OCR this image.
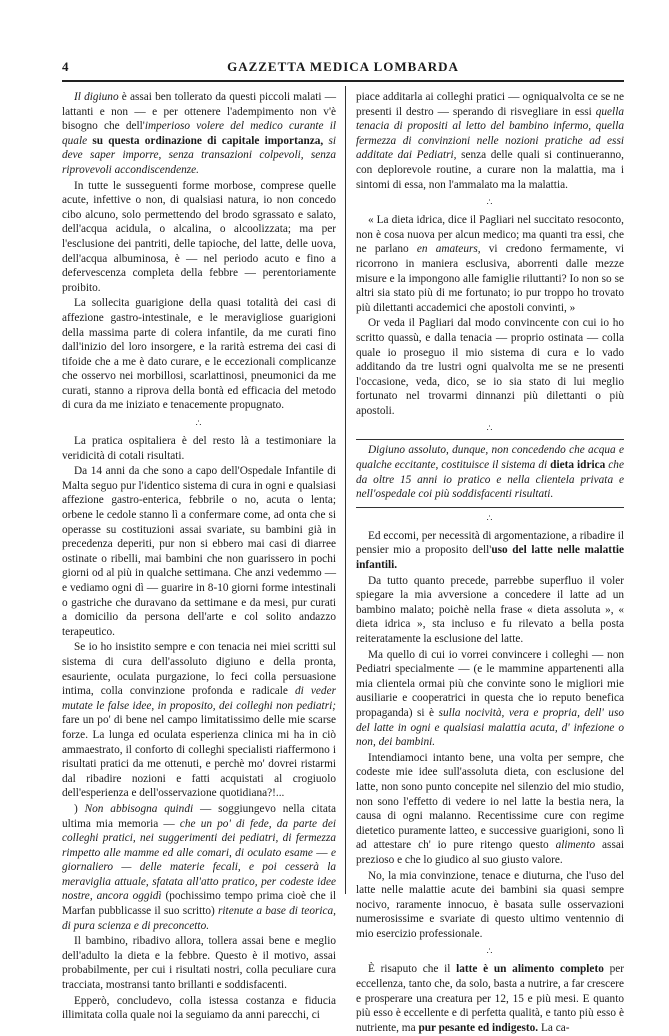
4	GAZZETTA MEDICA LOMBARDA

Il digiuno è assai ben tollerato da questi piccoli malati — lattanti e non — e per ottenere l'adempimento non v'è bisogno che dell'imperioso volere del medico curante il quale su questa ordinazione di capitale importanza, si deve saper imporre, senza transazioni colpevoli, senza riprovevoli accondiscendenze.

In tutte le susseguenti forme morbose, comprese quelle acute, infettive o non, di qualsiasi natura, io non concedo cibo alcuno, solo permettendo del brodo sgrassato e salato, dell'acqua acidula, o alcalina, o alcoolizzata; ma per l'esclusione dei pantriti, delle tapioche, del latte, delle uova, dell'acqua albuminosa, è — nel periodo acuto e fino a defervescenza completa della febbre — perentoriamente proibito.

La sollecita guarigione della quasi totalità dei casi di affezione gastro-intestinale, e le meravigliose guarigioni della massima parte di colera infantile, da me curati fino dall'inizio del loro insorgere, e la rarità estrema dei casi di tifoide che a me è dato curare, e le eccezionali complicanze che osservo nei morbillosi, scarlattinosi, pneumonici da me curati, stanno a riprova della bontà ed efficacia del metodo di cura da me iniziato e tenacemente propugnato.

∴

La pratica ospitaliera è del resto là a testimoniare la veridicità di cotali risultati.

Da 14 anni da che sono a capo dell'Ospedale Infantile di Malta seguo pur l'identico sistema di cura in ogni e qualsiasi affezione gastro-enterica, febbrile o no, acuta o lenta; orbene le cedole stanno lì a confermare come, ad onta che si operasse su costituzioni assai svariate, su bambini già in precedenza deperiti, pur non si ebbero mai casi di diarree ostinate o ribelli, mai bambini che non guarissero in pochi giorni od al più in qualche settimana. Che anzi vedemmo — e vediamo ogni dì — guarire in 8-10 giorni forme intestinali o gastriche che duravano da settimane e da mesi, pur curati a domicilio da persona dell'arte e col solito andazzo terapeutico.

Se io ho insistito sempre e con tenacia nei miei scritti sul sistema di cura dell'assoluto digiuno e della pronta, esauriente, oculata purgazione, lo feci colla persuasione intima, colla convinzione profonda e radicale di veder mutate le false idee, in proposito, dei colleghi non pediatri; fare un po' di bene nel campo limitatissimo delle mie scarse forze. La lunga ed oculata esperienza clinica mi ha in ciò ammaestrato, il conforto di colleghi specialisti riaffermono i risultati pratici da me ottenuti, e perchè mo' dovrei ristarmi dal ribadire nozioni e fatti acquistati al crogiuolo dell'esperienza e dell'osservazione quotidiana?!...

) Non abbisogna quindi — soggiungevo nella citata ultima mia memoria — che un po' di fede, da parte dei colleghi pratici, nei suggerimenti dei pediatri, di fermezza rimpetto alle mamme ed alle comari, di oculato esame — e giornaliero — delle materie fecali, e poi cesserà la meraviglia attuale, sfatata all'atto pratico, per codeste idee nostre, ancora oggidì (pochissimo tempo prima cioè che il Marfan pubblicasse il suo scritto) ritenute a base di teorica, di pura scienza e di preconcetto.

Il bambino, ribadivo allora, tollera assai bene e meglio dell'adulto la dieta e la febbre. Questo è il motivo, assai probabilmente, per cui i risultati nostri, colla peculiare cura tracciata, mostransi tanto brillanti e soddisfacenti.

Epperò, concludevo, colla istessa costanza e fiducia illimitata colla quale noi la seguiamo da anni parecchi, ci

piace additarla ai colleghi pratici — ogniqualvolta ce se ne presenti il destro — sperando di risvegliare in essi quella tenacia di propositi al letto del bambino infermo, quella fermezza di convinzioni nelle nozioni pratiche ad essi additate dai Pediatri, senza delle quali si continueranno, con deplorevole routine, a curare non la malattia, ma i sintomi di essa, non l'ammalato ma la malattia.

∴

« La dieta idrica, dice il Pagliari nel succitato resoconto, non è cosa nuova per alcun medico; ma quanti tra essi, che ne parlano en amateurs, vi credono fermamente, vi ricorrono in maniera esclusiva, aborrenti dalle mezze misure e la impongono alle famiglie riluttanti? Io non so se altri sia stato più di me fortunato; io pur troppo ho trovato più dilettanti accademici che apostoli convinti, »

Or veda il Pagliari dal modo convincente con cui io ho scritto quassù, e dalla tenacia — proprio ostinata — colla quale io proseguo il mio sistema di cura e lo vado additando da tre lustri ogni qualvolta me se ne presenti l'occasione, veda, dico, se io sia stato di lui meglio fortunato nel trovarmi dinnanzi più dilettanti o più apostoli.

∴

Digiuno assoluto, dunque, non concedendo che acqua e qualche eccitante, costituisce il sistema di dieta idrica che da oltre 15 anni io pratico e nella clientela privata e nell'ospedale coi più soddisfacenti risultati.

∴

Ed eccomi, per necessità di argomentazione, a ribadire il pensier mio a proposito dell'uso del latte nelle malattie infantili.

Da tutto quanto precede, parrebbe superfluo il voler spiegare la mia avversione a concedere il latte ad un bambino malato; poichè nella frase « dieta assoluta », « dieta idrica », sta incluso e fu rilevato a bella posta reiteratamente la esclusione del latte.

Ma quello di cui io vorrei convincere i colleghi — non Pediatri specialmente — (e le mammine appartenenti alla mia clientela ormai più che convinte sono le migliori mie ausiliarie e cooperatrici in questa che io reputo benefica propaganda) si è sulla nocività, vera e propria, dell' uso del latte in ogni e qualsiasi malattia acuta, d' infezione o non, dei bambini.

Intendiamoci intanto bene, una volta per sempre, che codeste mie idee sull'assoluta dieta, con esclusione del latte, non sono punto concepite nel silenzio del mio studio, non sono l'effetto di vedere io nel latte la bestia nera, la causa di ogni malanno. Recentissime cure con regime dietetico puramente latteo, e successive guarigioni, sono lì ad attestare ch' io pure ritengo questo alimento assai prezioso e che lo giudico al suo giusto valore.

No, la mia convinzione, tenace e diuturna, che l'uso del latte nelle malattie acute dei bambini sia quasi sempre nocivo, raramente innocuo, è basata sulle osservazioni numerosissime e svariate di questo ultimo ventennio di mio esercizio professionale.

∴

È risaputo che il latte è un alimento completo per eccellenza, tanto che, da solo, basta a nutrire, a far crescere e prosperare una creatura per 12, 15 e più mesi. E quanto più esso è eccellente e di perfetta qualità, e tanto più esso è nutriente, ma pur pesante ed indigesto. La ca-
